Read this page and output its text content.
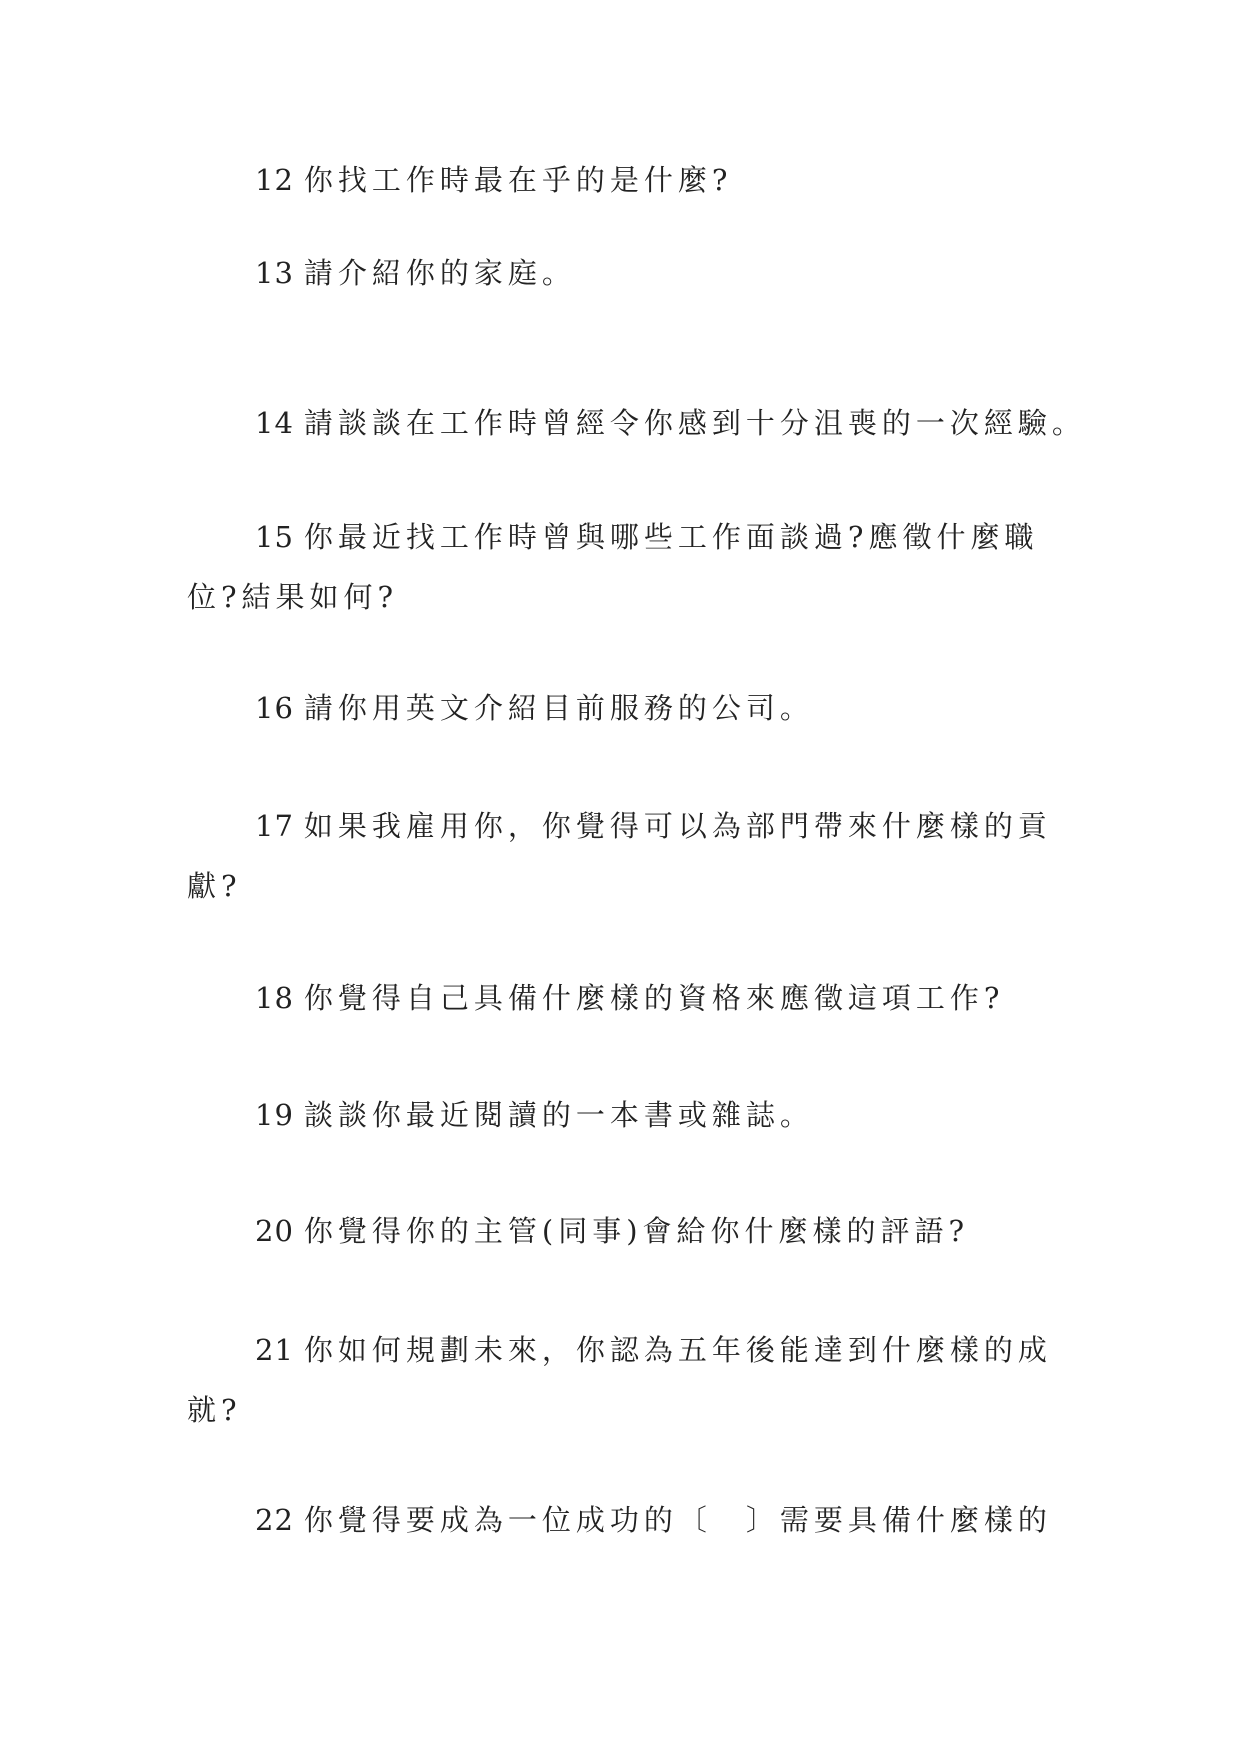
12 你找工作時最在乎的是什麼?

13 請介紹你的家庭。

14 請談談在工作時曾經令你感到十分沮喪的一次經驗。

15 你最近找工作時曾與哪些工作面談過?應徵什麼職位?結果如何?

16 請你用英文介紹目前服務的公司。

17 如果我雇用你，你覺得可以為部門帶來什麼樣的貢獻?

18 你覺得自己具備什麼樣的資格來應徵這項工作?

19 談談你最近閱讀的一本書或雜誌。

20 你覺得你的主管(同事)會給你什麼樣的評語?

21 你如何規劃未來，你認為五年後能達到什麼樣的成就?

22 你覺得要成為一位成功的〔　〕需要具備什麼樣的
